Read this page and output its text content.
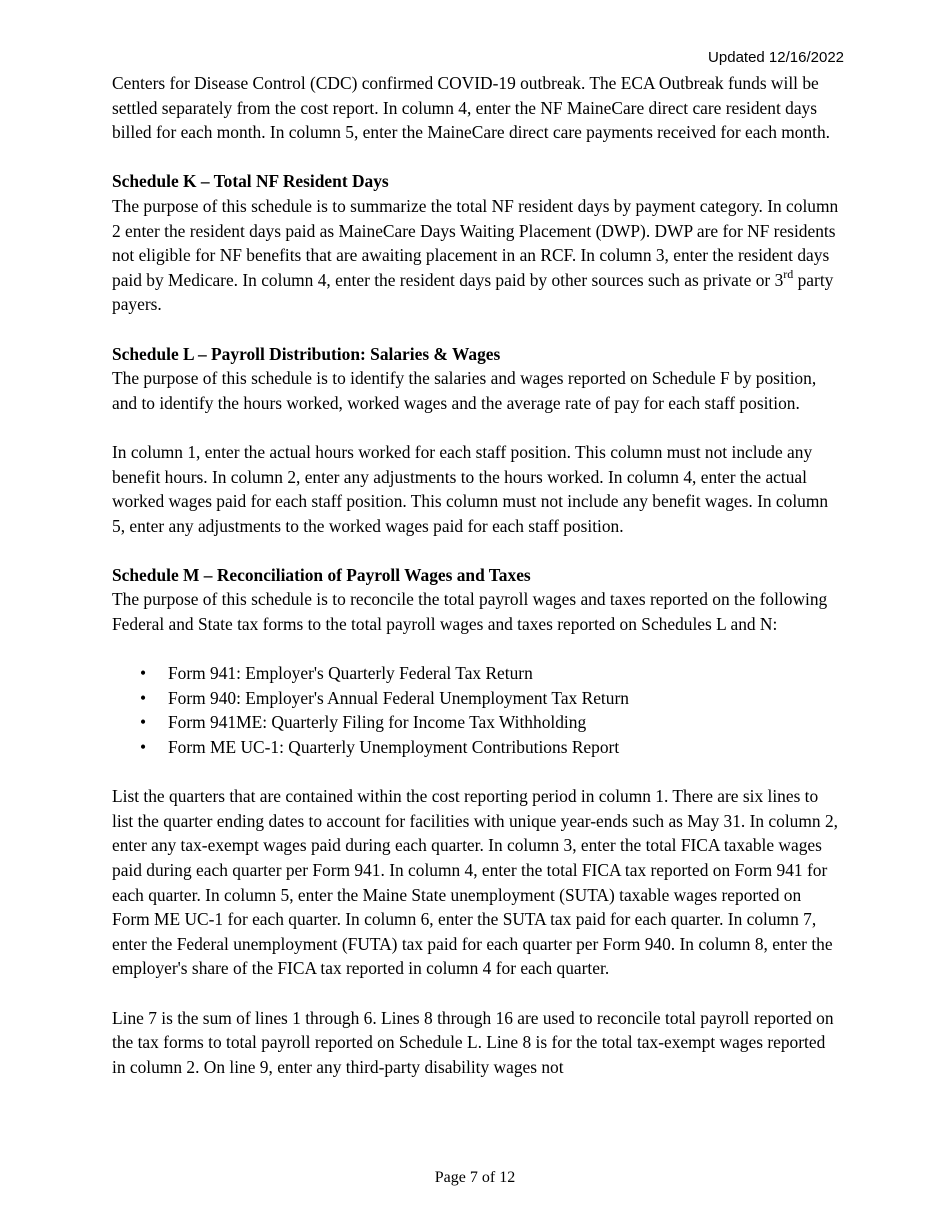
Updated 12/16/2022

Centers for Disease Control (CDC) confirmed COVID-19 outbreak. The ECA Outbreak funds will be settled separately from the cost report. In column 4, enter the NF MaineCare direct care resident days billed for each month. In column 5, enter the MaineCare direct care payments received for each month.

Schedule K – Total NF Resident Days

The purpose of this schedule is to summarize the total NF resident days by payment category. In column 2 enter the resident days paid as MaineCare Days Waiting Placement (DWP). DWP are for NF residents not eligible for NF benefits that are awaiting placement in an RCF. In column 3, enter the resident days paid by Medicare. In column 4, enter the resident days paid by other sources such as private or 3rd party payers.

Schedule L – Payroll Distribution: Salaries & Wages

The purpose of this schedule is to identify the salaries and wages reported on Schedule F by position, and to identify the hours worked, worked wages and the average rate of pay for each staff position.

In column 1, enter the actual hours worked for each staff position. This column must not include any benefit hours. In column 2, enter any adjustments to the hours worked. In column 4, enter the actual worked wages paid for each staff position. This column must not include any benefit wages. In column 5, enter any adjustments to the worked wages paid for each staff position.

Schedule M – Reconciliation of Payroll Wages and Taxes

The purpose of this schedule is to reconcile the total payroll wages and taxes reported on the following Federal and State tax forms to the total payroll wages and taxes reported on Schedules L and N:

• Form 941: Employer's Quarterly Federal Tax Return
• Form 940: Employer's Annual Federal Unemployment Tax Return
• Form 941ME: Quarterly Filing for Income Tax Withholding
• Form ME UC-1: Quarterly Unemployment Contributions Report

List the quarters that are contained within the cost reporting period in column 1. There are six lines to list the quarter ending dates to account for facilities with unique year-ends such as May 31. In column 2, enter any tax-exempt wages paid during each quarter. In column 3, enter the total FICA taxable wages paid during each quarter per Form 941. In column 4, enter the total FICA tax reported on Form 941 for each quarter. In column 5, enter the Maine State unemployment (SUTA) taxable wages reported on Form ME UC-1 for each quarter. In column 6, enter the SUTA tax paid for each quarter. In column 7, enter the Federal unemployment (FUTA) tax paid for each quarter per Form 940. In column 8, enter the employer's share of the FICA tax reported in column 4 for each quarter.

Line 7 is the sum of lines 1 through 6. Lines 8 through 16 are used to reconcile total payroll reported on the tax forms to total payroll reported on Schedule L. Line 8 is for the total tax-exempt wages reported in column 2. On line 9, enter any third-party disability wages not

Page 7 of 12
